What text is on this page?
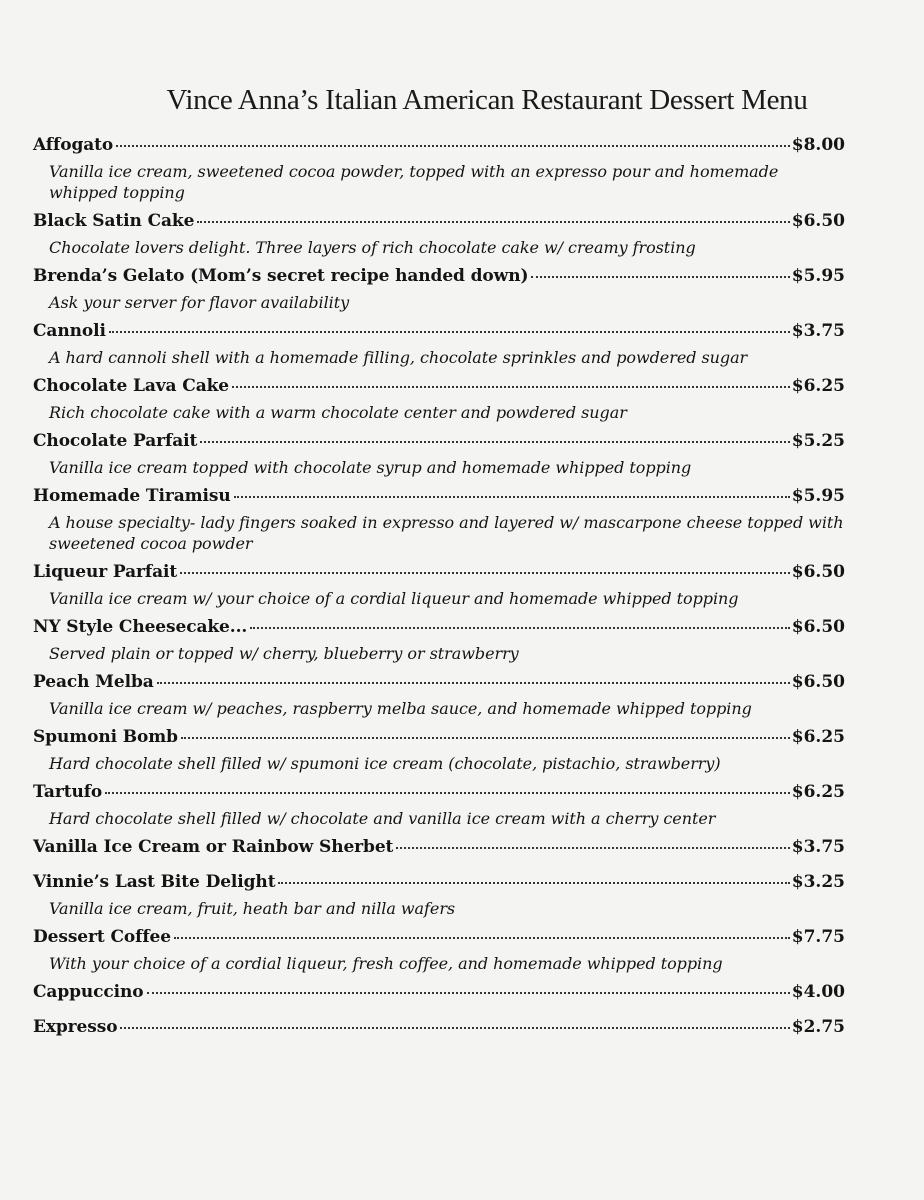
Vince Anna’s Italian American Restaurant Dessert Menu
Affogato	$8.00
Vanilla ice cream, sweetened cocoa powder, topped with an expresso pour and homemade whipped topping
Black Satin Cake	$6.50
Chocolate lovers delight. Three layers of rich chocolate cake w/ creamy frosting
Brenda’s Gelato (Mom’s secret recipe handed down)	$5.95
Ask your server for flavor availability
Cannoli	$3.75
A hard cannoli shell with a homemade filling, chocolate sprinkles and powdered sugar
Chocolate Lava Cake	$6.25
Rich chocolate cake with a warm chocolate center and powdered sugar
Chocolate Parfait	$5.25
Vanilla ice cream topped with chocolate syrup and homemade whipped topping
Homemade Tiramisu	$5.95
A house specialty- lady fingers soaked in expresso and layered w/ mascarpone cheese topped with sweetened cocoa powder
Liqueur Parfait	$6.50
Vanilla ice cream w/ your choice of a cordial liqueur and homemade whipped topping
NY Style Cheesecake...	$6.50
Served plain or topped w/ cherry, blueberry or strawberry
Peach Melba	$6.50
Vanilla ice cream w/ peaches, raspberry melba sauce, and homemade whipped topping
Spumoni Bomb	$6.25
Hard chocolate shell filled w/ spumoni ice cream (chocolate, pistachio, strawberry)
Tartufo	$6.25
Hard chocolate shell filled w/ chocolate and vanilla ice cream with a cherry center
Vanilla Ice Cream or Rainbow Sherbet	$3.75
Vinnie’s Last Bite Delight	$3.25
Vanilla ice cream, fruit, heath bar and nilla wafers
Dessert Coffee	$7.75
With your choice of a cordial liqueur, fresh coffee, and homemade whipped topping
Cappuccino	$4.00
Expresso	$2.75
